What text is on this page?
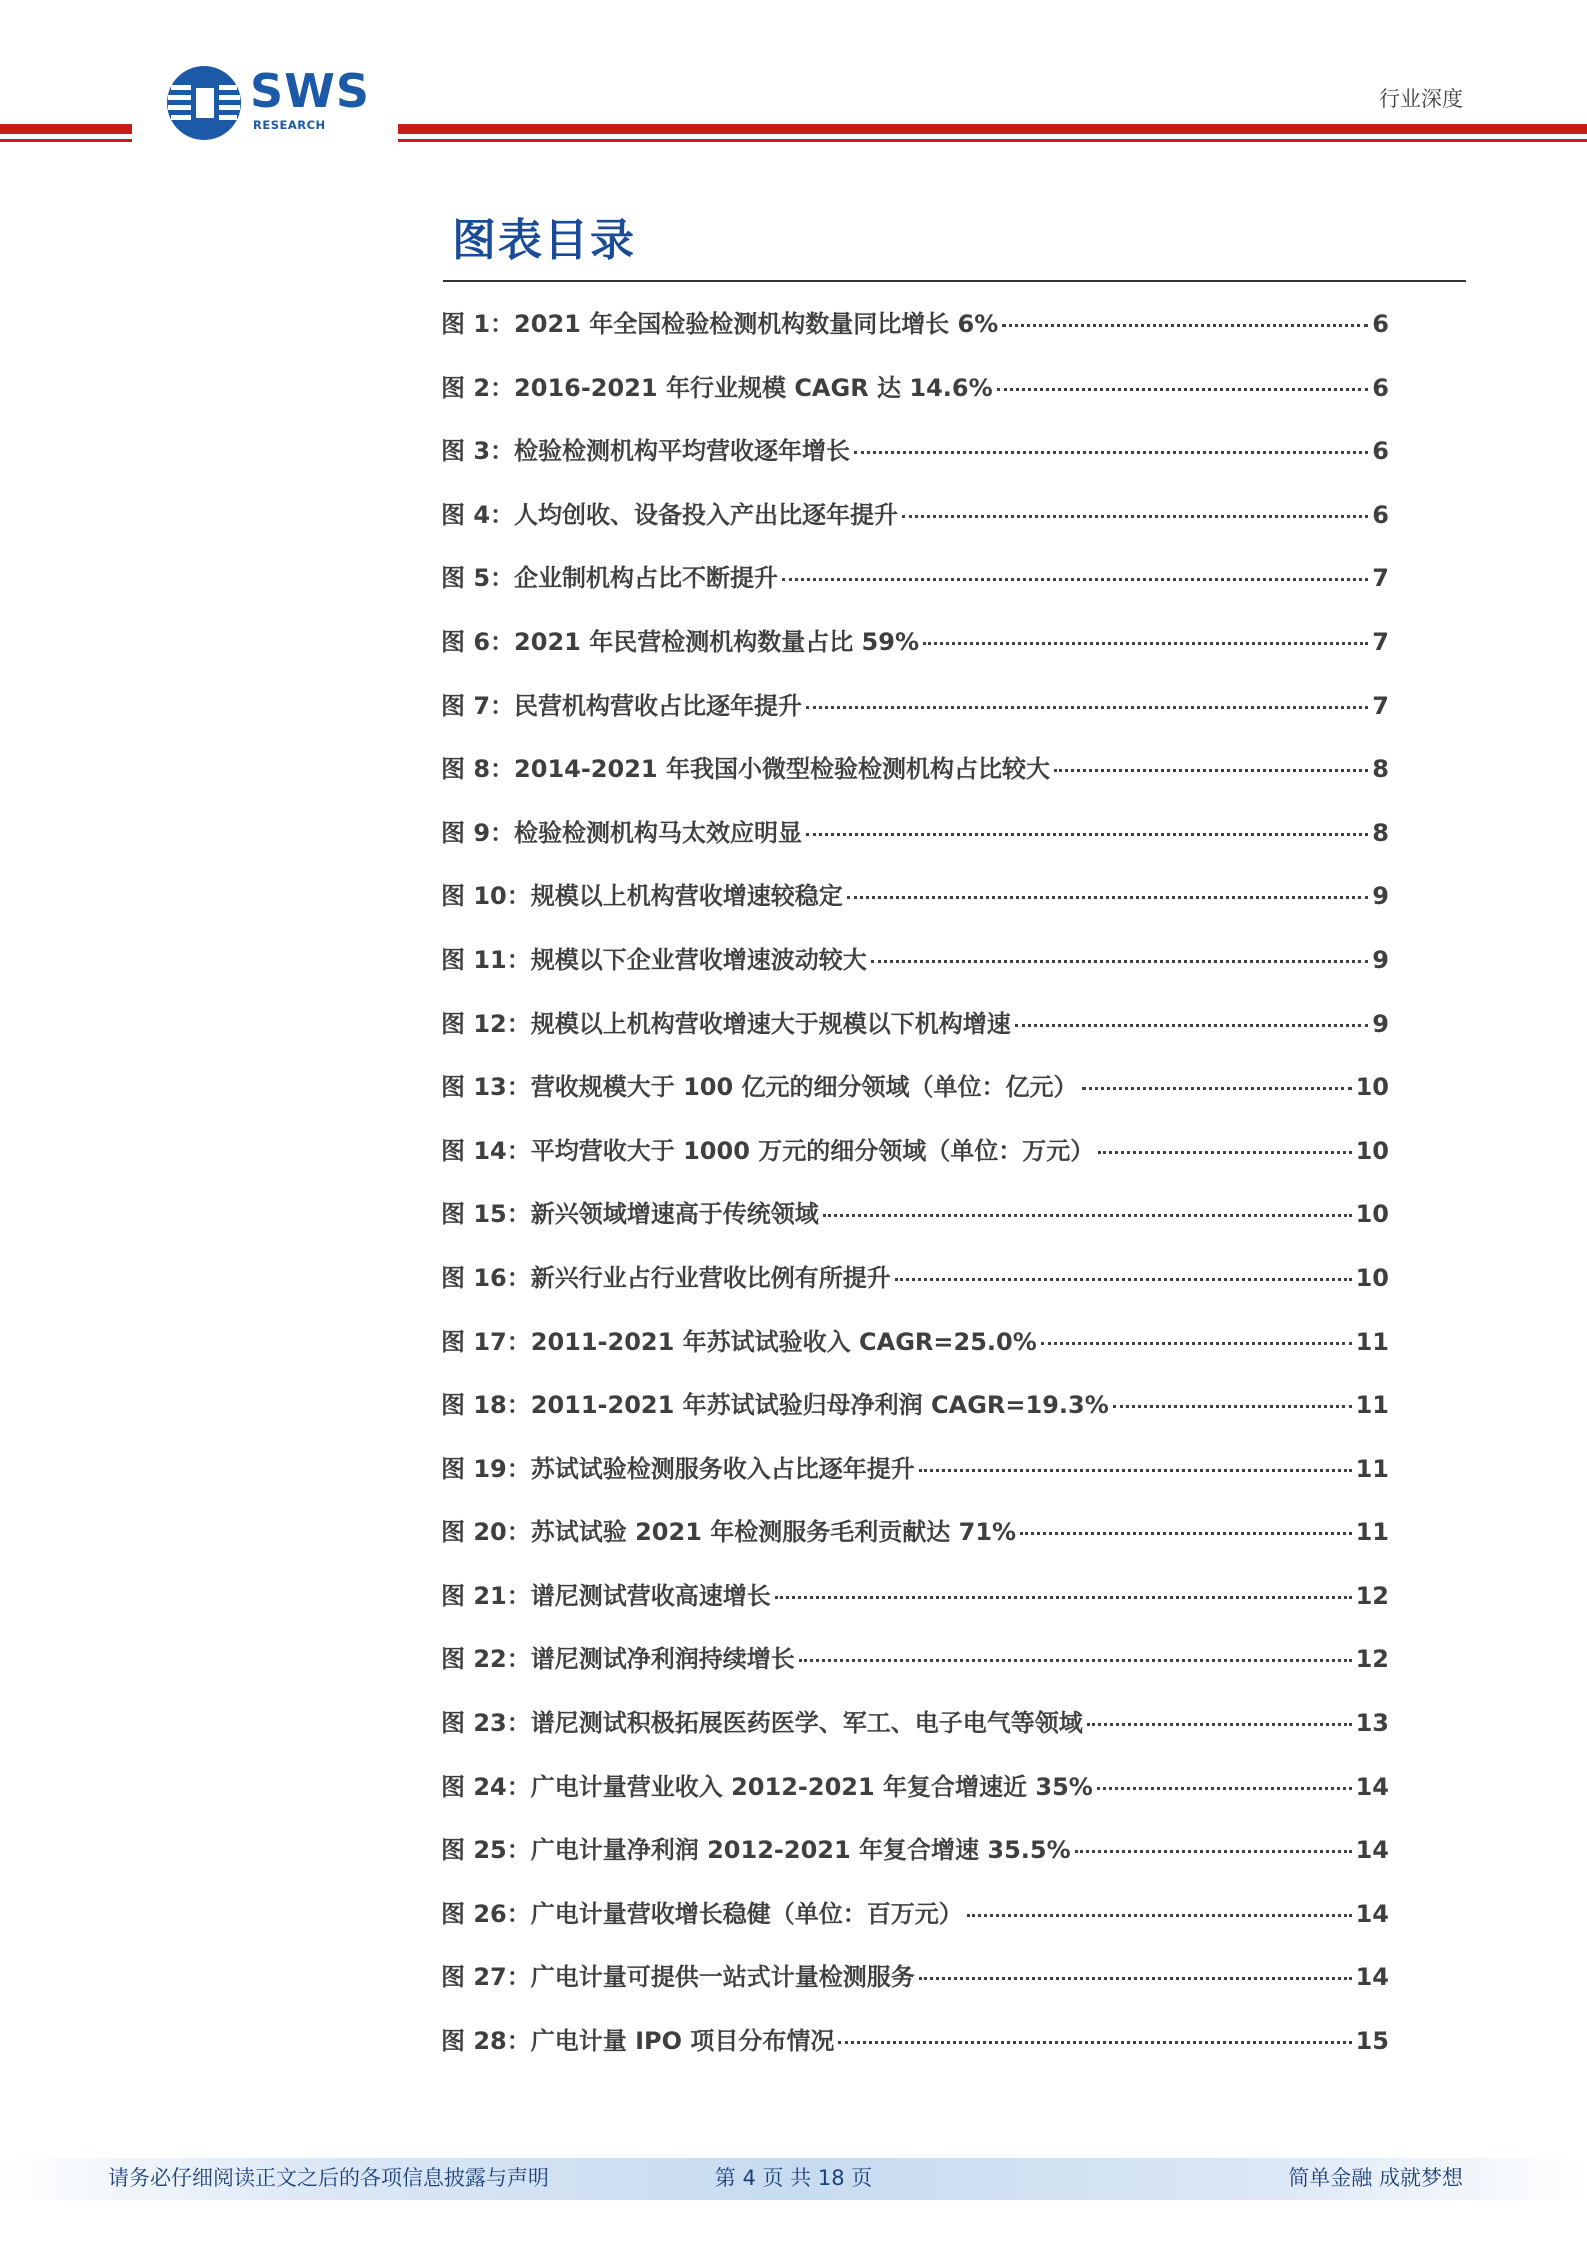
SWS
RESEARCH
行业深度
图表目录
图 1：2021 年全国检验检测机构数量同比增长 6%	6
图 2：2016-2021 年行业规模 CAGR 达 14.6%	6
图 3：检验检测机构平均营收逐年增长	6
图 4：人均创收、设备投入产出比逐年提升	6
图 5：企业制机构占比不断提升	7
图 6：2021 年民营检测机构数量占比 59%	7
图 7：民营机构营收占比逐年提升	7
图 8：2014-2021 年我国小微型检验检测机构占比较大	8
图 9：检验检测机构马太效应明显	8
图 10：规模以上机构营收增速较稳定	9
图 11：规模以下企业营收增速波动较大	9
图 12：规模以上机构营收增速大于规模以下机构增速	9
图 13：营收规模大于 100 亿元的细分领域（单位：亿元）	10
图 14：平均营收大于 1000 万元的细分领域（单位：万元）	10
图 15：新兴领域增速高于传统领域	10
图 16：新兴行业占行业营收比例有所提升	10
图 17：2011-2021 年苏试试验收入 CAGR=25.0%	11
图 18：2011-2021 年苏试试验归母净利润 CAGR=19.3%	11
图 19：苏试试验检测服务收入占比逐年提升	11
图 20：苏试试验 2021 年检测服务毛利贡献达 71%	11
图 21：谱尼测试营收高速增长	12
图 22：谱尼测试净利润持续增长	12
图 23：谱尼测试积极拓展医药医学、军工、电子电气等领域	13
图 24：广电计量营业收入 2012-2021 年复合增速近 35%	14
图 25：广电计量净利润 2012-2021 年复合增速 35.5%	14
图 26：广电计量营收增长稳健（单位：百万元）	14
图 27：广电计量可提供一站式计量检测服务	14
图 28：广电计量 IPO 项目分布情况	15
请务必仔细阅读正文之后的各项信息披露与声明	第 4 页 共 18 页	简单金融 成就梦想
